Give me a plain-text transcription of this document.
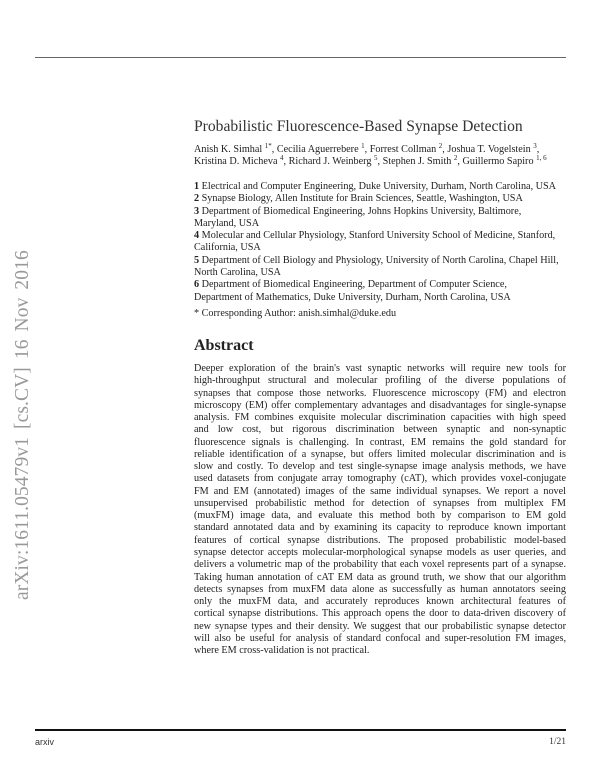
arXiv:1611.05479v1 [cs.CV] 16 Nov 2016
Probabilistic Fluorescence-Based Synapse Detection
Anish K. Simhal $^{1*}$, Cecilia Aguerrebere $^1$, Forrest Collman $^2$, Joshua T. Vogelstein $^3$,
Kristina D. Micheva $^4$, Richard J. Weinberg $^5$, Stephen J. Smith $^2$, Guillermo Sapiro $^{1, 6}$
1 Electrical and Computer Engineering, Duke University, Durham, North Carolina, USA
2 Synapse Biology, Allen Institute for Brain Sciences, Seattle, Washington, USA
3 Department of Biomedical Engineering, Johns Hopkins University, Baltimore,
Maryland, USA
4 Molecular and Cellular Physiology, Stanford University School of Medicine, Stanford,
California, USA
5 Department of Cell Biology and Physiology, University of North Carolina, Chapel Hill,
North Carolina, USA
6 Department of Biomedical Engineering, Department of Computer Science,
Department of Mathematics, Duke University, Durham, North Carolina, USA
* Corresponding Author: anish.simhal@duke.edu
Abstract
Deeper exploration of the brain's vast synaptic networks will require new tools for
high-throughput structural and molecular profiling of the diverse populations of
synapses that compose those networks. Fluorescence microscopy (FM) and electron
microscopy (EM) offer complementary advantages and disadvantages for single-synapse
analysis. FM combines exquisite molecular discrimination capacities with high speed
and low cost, but rigorous discrimination between synaptic and non-synaptic
fluorescence signals is challenging. In contrast, EM remains the gold standard for
reliable identification of a synapse, but offers limited molecular discrimination and is
slow and costly. To develop and test single-synapse image analysis methods, we have
used datasets from conjugate array tomography (cAT), which provides voxel-conjugate
FM and EM (annotated) images of the same individual synapses. We report a novel
unsupervised probabilistic method for detection of synapses from multiplex FM
(muxFM) image data, and evaluate this method both by comparison to EM gold
standard annotated data and by examining its capacity to reproduce known important
features of cortical synapse distributions. The proposed probabilistic model-based
synapse detector accepts molecular-morphological synapse models as user queries, and
delivers a volumetric map of the probability that each voxel represents part of a synapse.
Taking human annotation of cAT EM data as ground truth, we show that our algorithm
detects synapses from muxFM data alone as successfully as human annotators seeing
only the muxFM data, and accurately reproduces known architectural features of
cortical synapse distributions. This approach opens the door to data-driven discovery of
new synapse types and their density. We suggest that our probabilistic synapse detector
will also be useful for analysis of standard confocal and super-resolution FM images,
where EM cross-validation is not practical.
arxiv	1/21
